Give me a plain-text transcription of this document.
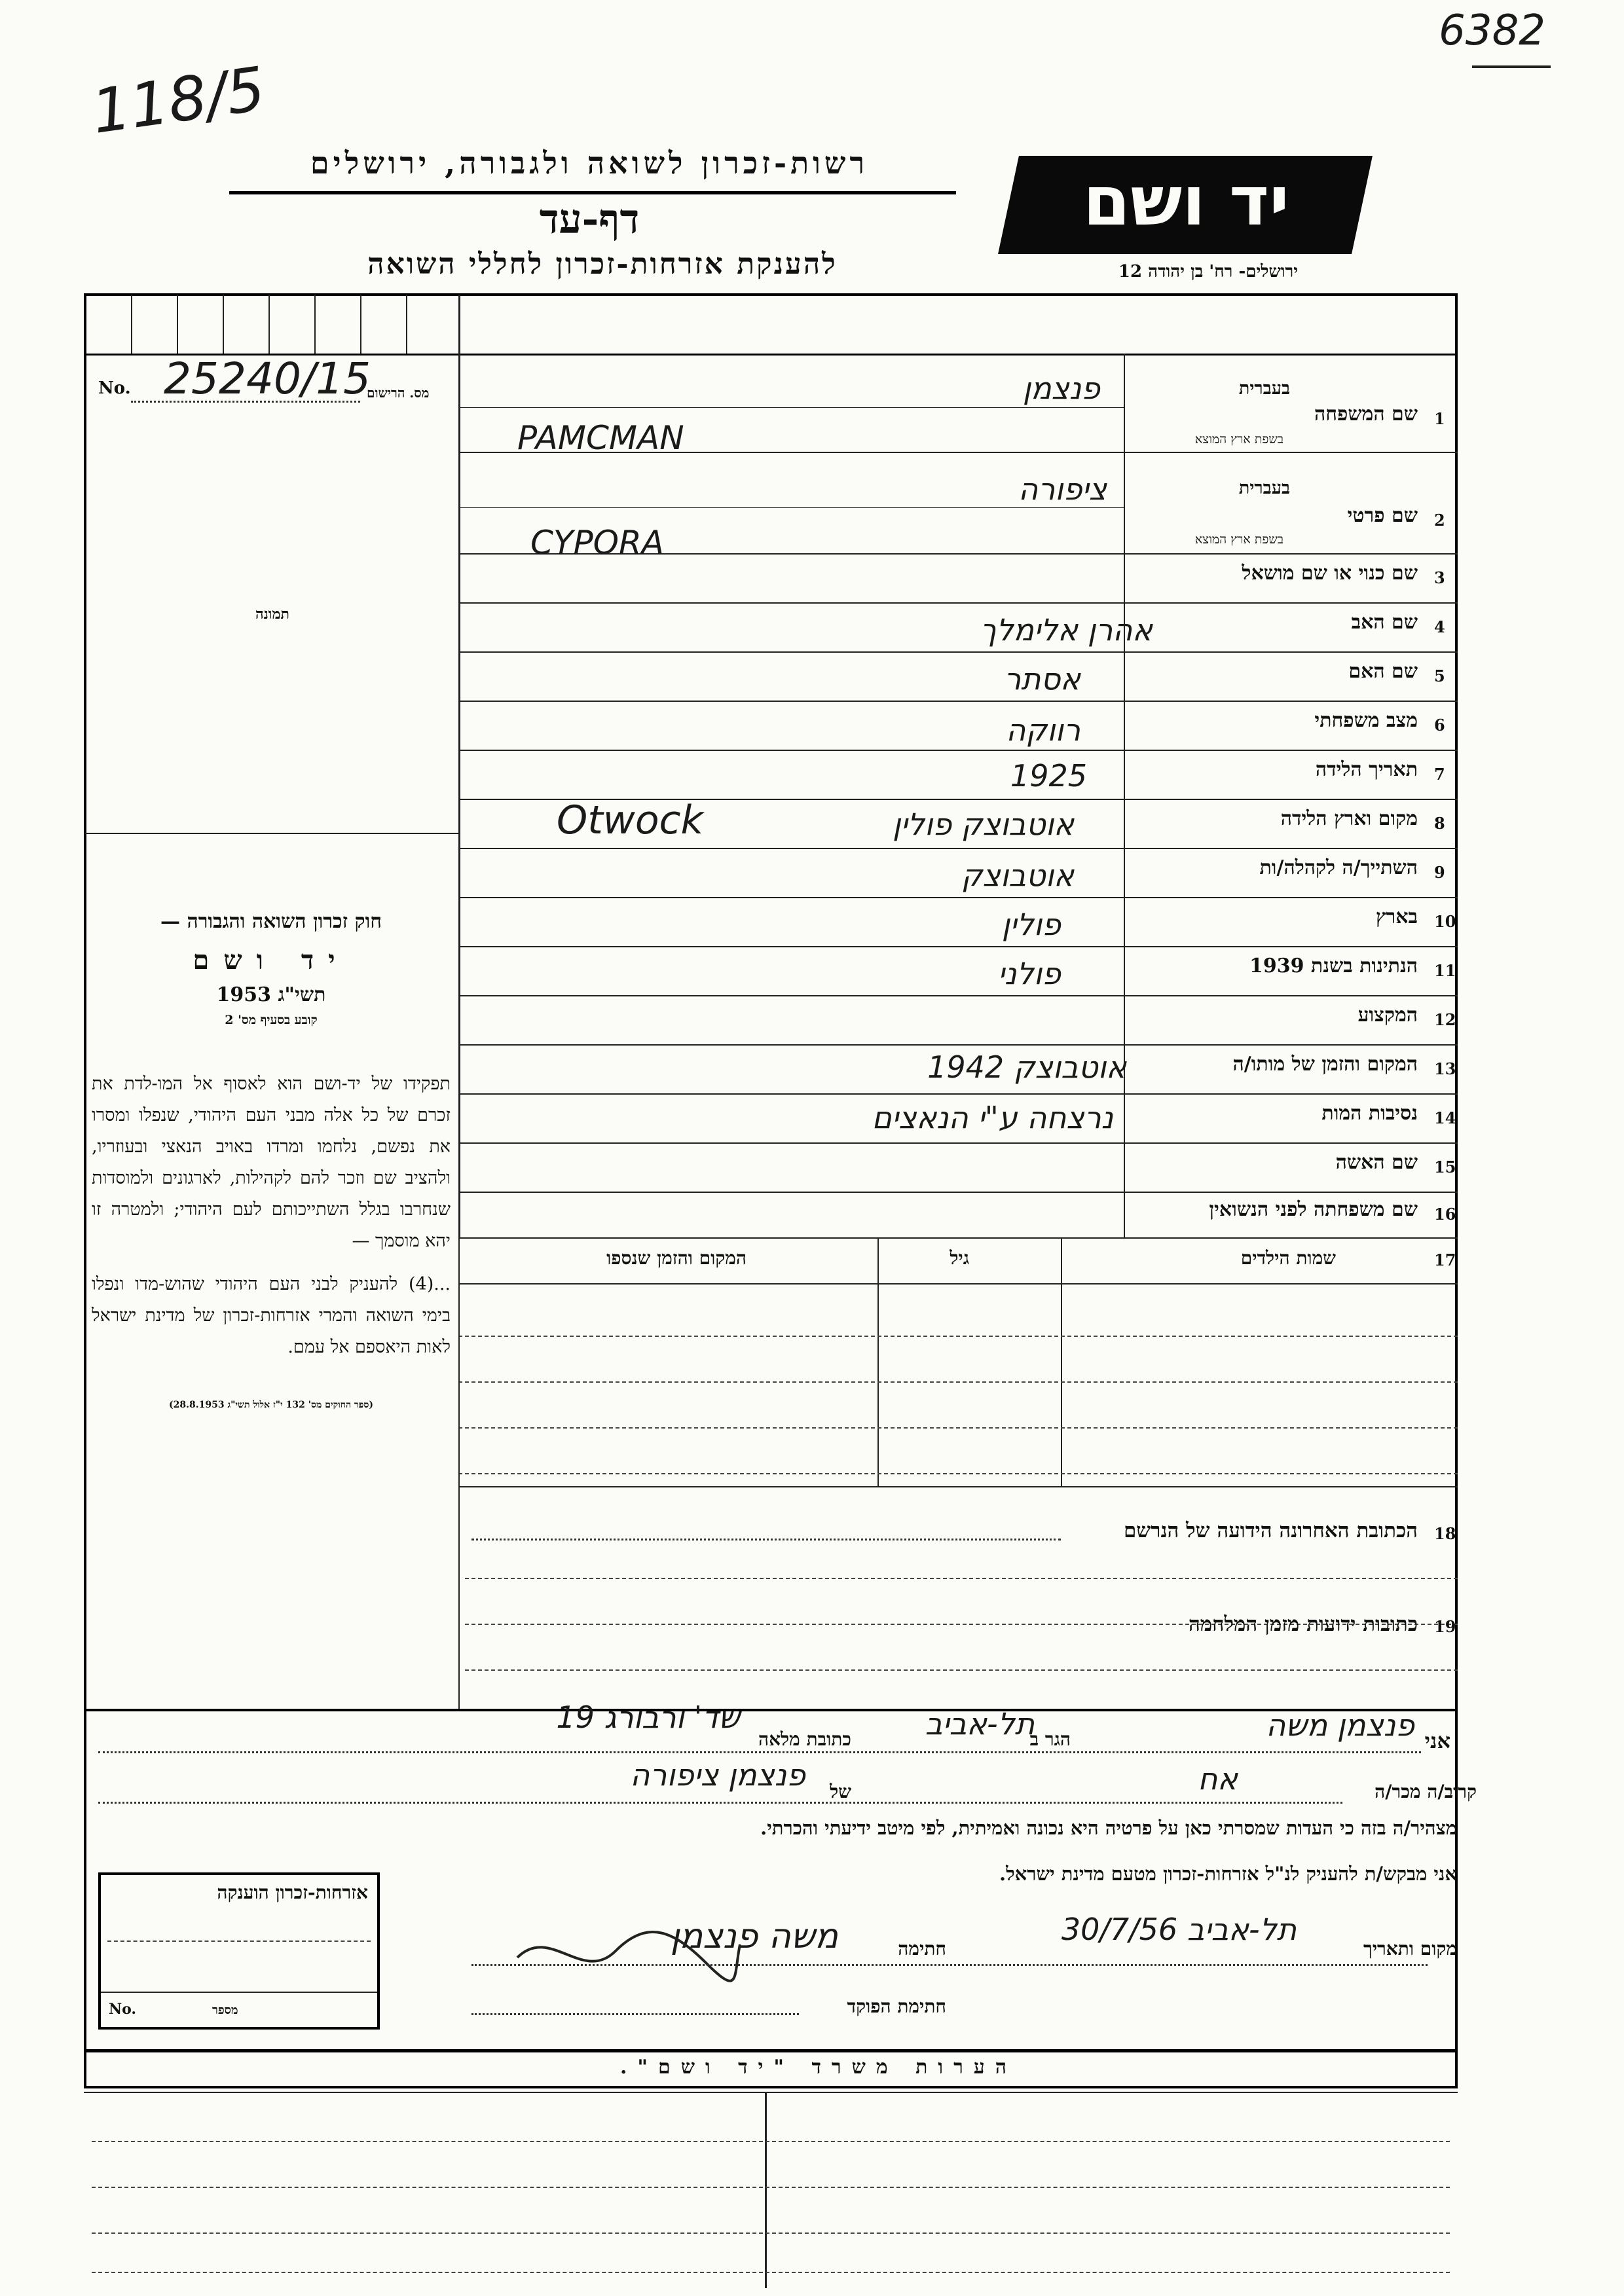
6382
118/5
רשות-זכרון לשואה ולגבורה, ירושלים
דף-עד
להענקת אזרחות-זכרון לחללי השואה
יד ושם
ירושלים- רח' בן יהודה 12
No.	מס. הרישום
25240/15
תמונה

חוק זכרון השואה והגבורה —

יד ושם

תשי"ג 1953

קובע בסעיף מס' 2

תפקידו של יד-ושם הוא לאסוף אל המו-לדת את זכרם של כל אלה מבני העם היהודי, שנפלו ומסרו את נפשם, נלחמו ומרדו באויב הנאצי ובעוזריו, ולהציב שם וזכר להם לקהילות, לארגונים ולמוסדות שנחרבו בגלל השתייכותם לעם היהודי; ולמטרה זו יהא מוסמך —

...(4) להעניק לבני העם היהודי שהוש-מדו ונפלו בימי השואה והמרי אזרחות-זכרון של מדינת ישראל לאות היאספם אל עמם.

(ספר החוקים מס' 132 י"ז אלול תשי"ג 28.8.1953)

1
בעברית
שם המשפחה
בשפת ארץ המוצא
פנצמן
PAMCMAN
2
בעברית
שם פרטי
בשפת ארץ המוצא
ציפורה
CYPORA
3
שם כנוי או שם מושאל
4
שם האב
אהרן אלימלך
5
שם האם
אסתר
6
מצב משפחתי
רווקה
7
תאריך הלידה
1925
8
מקום וארץ הלידה
אוטבוצק פולין
Otwock
9
השתייך/ה לקהלה/ות
אוטבוצק
10
בארץ
פולין
11
הנתינות בשנת 1939
פולני
12
המקצוע
13
המקום והזמן של מותו/ה
אוטבוצק 1942
14
נסיבות המות
נרצחה ע"י הנאצים
15
שם האשה
16
שם משפחתה לפני הנשואין
17
שמות הילדים
גיל
המקום והזמן שנספו
18
הכתובת האחרונה הידועה של הנרשם
19
כתובות ידועות מזמן המלחמה
אני
פנצמן משה
הגר ב
תל-אביב
כתובת מלאה
שד' ורבורג 19
קרוב/ה מכר/ה
אח
של
פנצמן ציפורה
מצהיר/ה בזה כי העדות שמסרתי כאן על פרטיה היא נכונה ואמיתית, לפי מיטב ידיעתי והכרתי.
אני מבקש/ת להעניק לנ"ל אזרחות-זכרון מטעם מדינת ישראל.
מקום ותאריך
תל-אביב 30/7/56
חתימה
משה פנצמן
חתימת הפוקד
אזרחות-זכרון הוענקה
No.	מספר
הערות משרד "יד ושם".
